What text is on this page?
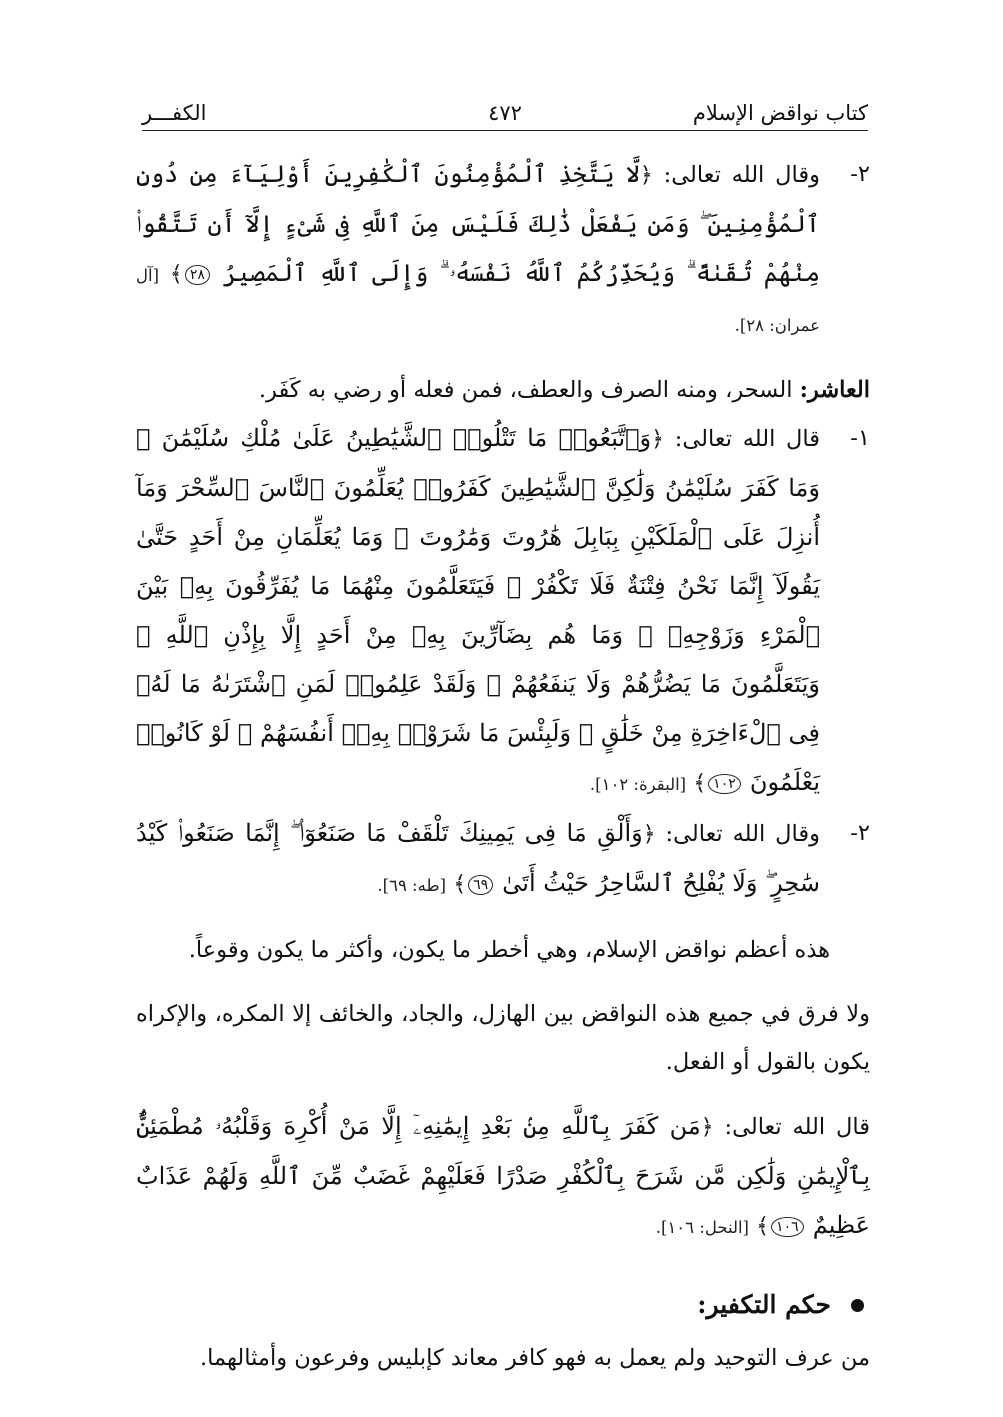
كتاب نواقض الإسلام
٤٧٢
الكفـــر
٢-
وقال الله تعالى: ﴿لَّا يَتَّخِذِ ٱلْمُؤْمِنُونَ ٱلْكَٰفِرِينَ أَوْلِيَآءَ مِن دُونِ ٱلْمُؤْمِنِينَ ۖ وَمَن يَفْعَلْ ذَٰلِكَ فَلَيْسَ مِنَ ٱللَّهِ فِى شَىْءٍ إِلَّآ أَن تَتَّقُوا۟ مِنْهُمْ تُقَىٰةً ۗ وَيُحَذِّرُكُمُ ٱللَّهُ نَفْسَهُۥ ۗ وَإِلَى ٱللَّهِ ٱلْمَصِيرُ ٢٨﴾ [آل عمران: ٢٨].

العاشر: السحر، ومنه الصرف والعطف، فمن فعله أو رضي به كَفَر.

١-
قال الله تعالى: ﴿وَٱتَّبَعُوا۟ مَا تَتْلُوا۟ ٱلشَّيَٰطِينُ عَلَىٰ مُلْكِ سُلَيْمَٰنَ ۖ وَمَا كَفَرَ سُلَيْمَٰنُ وَلَٰكِنَّ ٱلشَّيَٰطِينَ كَفَرُوا۟ يُعَلِّمُونَ ٱلنَّاسَ ٱلسِّحْرَ وَمَآ أُنزِلَ عَلَى ٱلْمَلَكَيْنِ بِبَابِلَ هَٰرُوتَ وَمَٰرُوتَ ۚ وَمَا يُعَلِّمَانِ مِنْ أَحَدٍ حَتَّىٰ يَقُولَآ إِنَّمَا نَحْنُ فِتْنَةٌ فَلَا تَكْفُرْ ۖ فَيَتَعَلَّمُونَ مِنْهُمَا مَا يُفَرِّقُونَ بِهِۦ بَيْنَ ٱلْمَرْءِ وَزَوْجِهِۦ ۚ وَمَا هُم بِضَآرِّينَ بِهِۦ مِنْ أَحَدٍ إِلَّا بِإِذْنِ ٱللَّهِ ۚ وَيَتَعَلَّمُونَ مَا يَضُرُّهُمْ وَلَا يَنفَعُهُمْ ۚ وَلَقَدْ عَلِمُوا۟ لَمَنِ ٱشْتَرَىٰهُ مَا لَهُۥ فِى ٱلْءَاخِرَةِ مِنْ خَلَٰقٍ ۚ وَلَبِئْسَ مَا شَرَوْا۟ بِهِۦٓ أَنفُسَهُمْ ۚ لَوْ كَانُوا۟ يَعْلَمُونَ ١٠٢﴾ [البقرة: ١٠٢].
٢-
وقال الله تعالى: ﴿وَأَلْقِ مَا فِى يَمِينِكَ تَلْقَفْ مَا صَنَعُوٓا۟ ۖ إِنَّمَا صَنَعُوا۟ كَيْدُ سَٰحِرٍ ۖ وَلَا يُفْلِحُ ٱلسَّاحِرُ حَيْثُ أَتَىٰ ٦٩﴾ [طه: ٦٩].

هذه أعظم نواقض الإسلام، وهي أخطر ما يكون، وأكثر ما يكون وقوعاً.

ولا فرق في جميع هذه النواقض بين الهازل، والجاد، والخائف إلا المكره، والإكراه يكون بالقول أو الفعل.

قال الله تعالى: ﴿مَن كَفَرَ بِٱللَّهِ مِنۢ بَعْدِ إِيمَٰنِهِۦٓ إِلَّا مَنْ أُكْرِهَ وَقَلْبُهُۥ مُطْمَئِنٌّۢ بِٱلْإِيمَٰنِ وَلَٰكِن مَّن شَرَحَ بِٱلْكُفْرِ صَدْرًا فَعَلَيْهِمْ غَضَبٌ مِّنَ ٱللَّهِ وَلَهُمْ عَذَابٌ عَظِيمٌ ١٠٦﴾ [النحل: ١٠٦].

حكم التكفير:

من عرف التوحيد ولم يعمل به فهو كافر معاند كإبليس وفرعون وأمثالهما.
